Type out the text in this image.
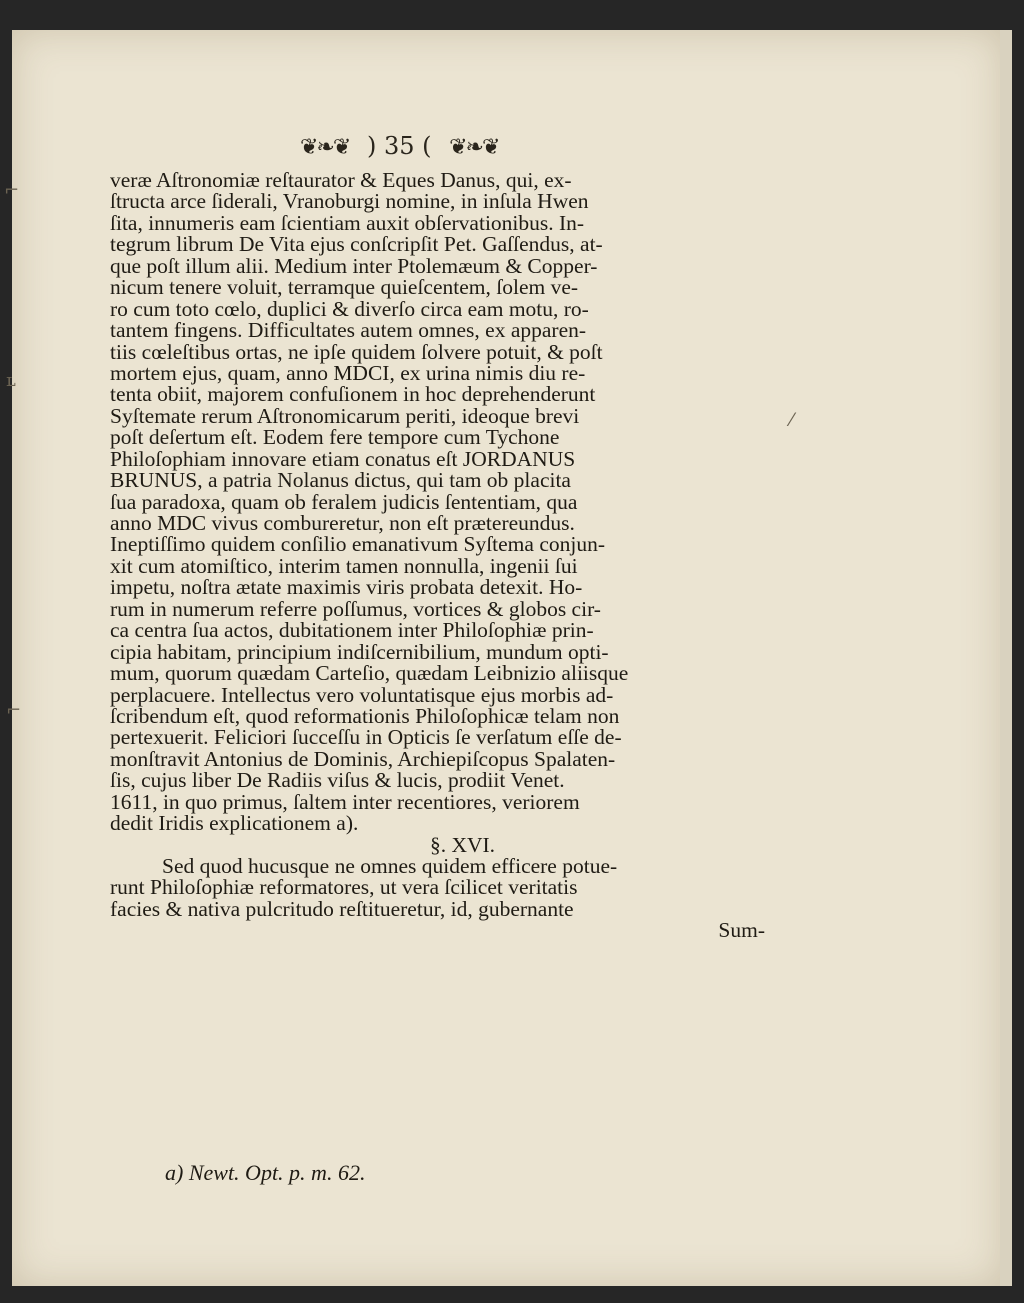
❦❧❦ ) 35 ( ❦❧❦
veræ Aſtronomiæ reſtaurator & Eques Danus, qui, ex-
ſtructa arce ſiderali, Vranoburgi nomine, in inſula Hwen
ſita, innumeris eam ſcientiam auxit obſervationibus. In-
tegrum librum De Vita ejus conſcripſit Pet. Gaſſendus, at-
que poſt illum alii. Medium inter Ptolemæum & Copper-
nicum tenere voluit, terramque quieſcentem, ſolem ve-
ro cum toto cœlo, duplici & diverſo circa eam motu, ro-
tantem fingens. Difficultates autem omnes, ex apparen-
tiis cœleſtibus ortas, ne ipſe quidem ſolvere potuit, & poſt
mortem ejus, quam, anno MDCI, ex urina nimis diu re-
tenta obiit, majorem confuſionem in hoc deprehenderunt
Syſtemate rerum Aſtronomicarum periti, ideoque brevi
poſt deſertum eſt. Eodem fere tempore cum Tychone
Philoſophiam innovare etiam conatus eſt JORDANUS
BRUNUS, a patria Nolanus dictus, qui tam ob placita
ſua paradoxa, quam ob feralem judicis ſententiam, qua
anno MDC vivus combureretur, non eſt prætereundus.
Ineptiſſimo quidem conſilio emanativum Syſtema conjun-
xit cum atomiſtico, interim tamen nonnulla, ingenii ſui
impetu, noſtra ætate maximis viris probata detexit. Ho-
rum in numerum referre poſſumus, vortices & globos cir-
ca centra ſua actos, dubitationem inter Philoſophiæ prin-
cipia habitam, principium indiſcernibilium, mundum opti-
mum, quorum quædam Carteſio, quædam Leibnizio aliisque
perplacuere. Intellectus vero voluntatisque ejus morbis ad-
ſcribendum eſt, quod reformationis Philoſophicæ telam non
pertexuerit. Feliciori ſucceſſu in Opticis ſe verſatum eſſe de-
monſtravit Antonius de Dominis, Archiepiſcopus Spalaten-
ſis, cujus liber De Radiis viſus & lucis, prodiit Venet.
1611, in quo primus, ſaltem inter recentiores, veriorem
dedit Iridis explicationem a).
§. XVI.
Sed quod hucusque ne omnes quidem efficere potue-
runt Philoſophiæ reformatores, ut vera ſcilicet veritatis
facies & nativa pulcritudo reſtitueretur, id, gubernante
Sum-
a) Newt. Opt. p. m. 62.
⌐
ʟ
⌐
⁄
